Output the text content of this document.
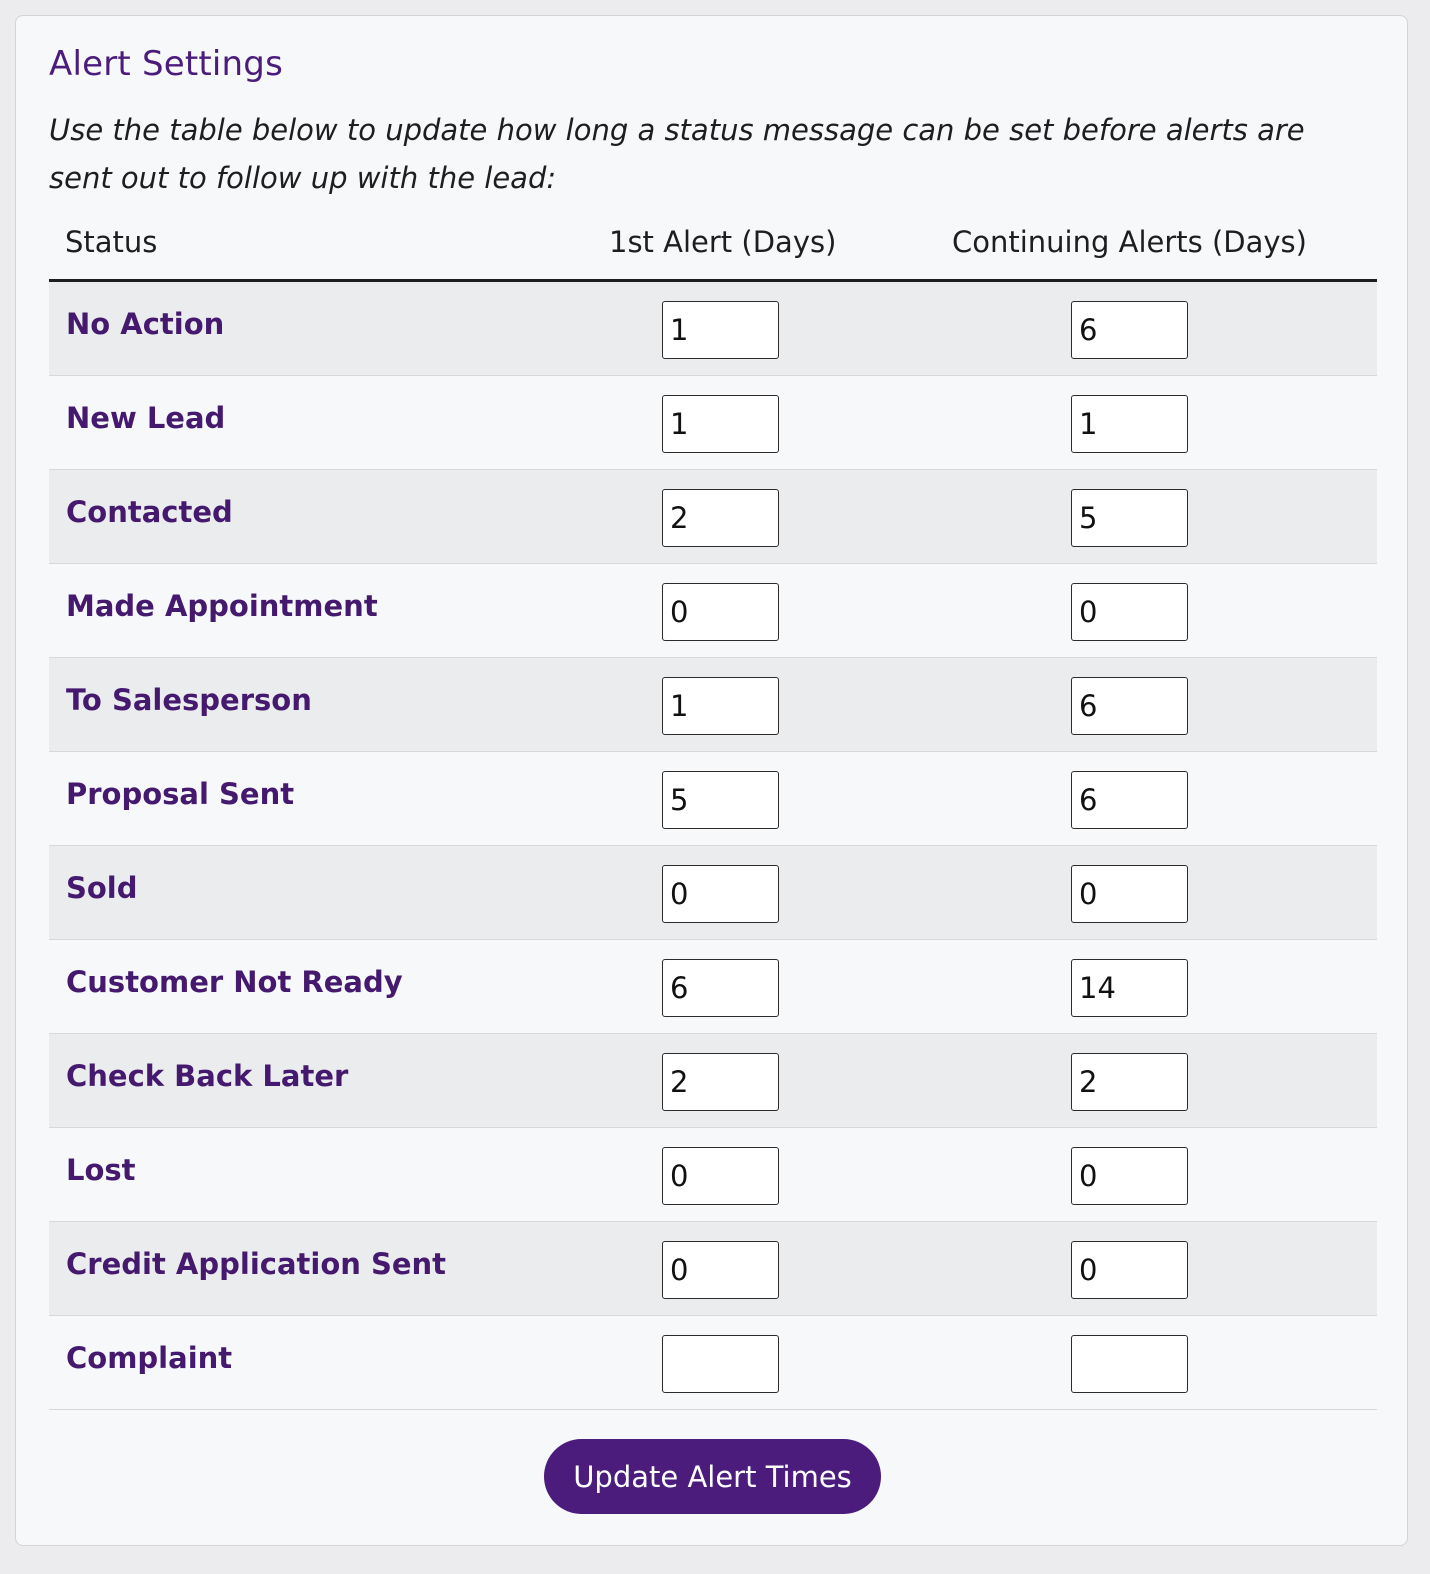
Alert Settings

Use the table below to update how long a status message can be set before alerts are sent out to follow up with the lead:

Status	1st Alert (Days)	Continuing Alerts (Days)
No Action
1
6
New Lead
1
1
Contacted
2
5
Made Appointment
0
0
To Salesperson
1
6
Proposal Sent
5
6
Sold
0
0
Customer Not Ready
6
14
Check Back Later
2
2
Lost
0
0
Credit Application Sent
0
0
Complaint
Update Alert Times
